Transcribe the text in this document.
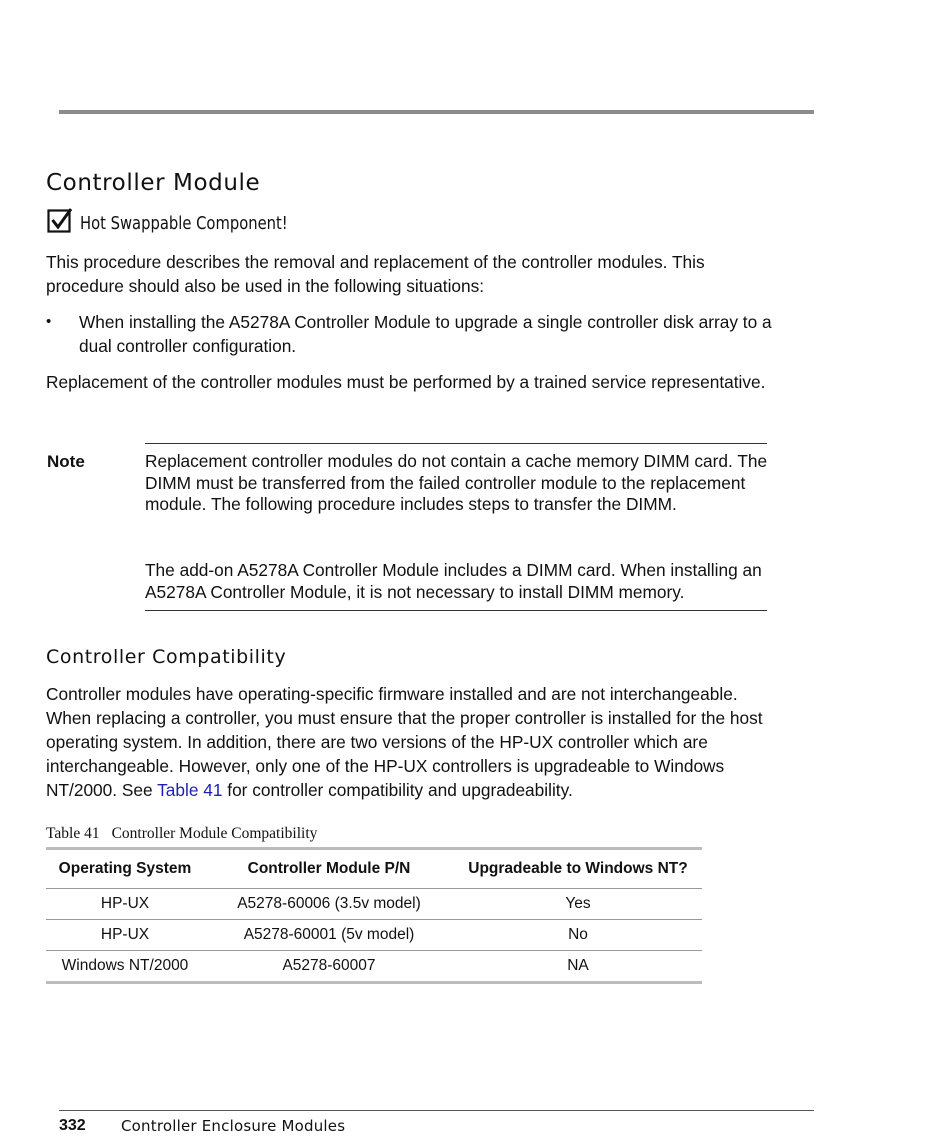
Controller Module
Hot Swappable Component!

This procedure describes the removal and replacement of the controller modules. This procedure should also be used in the following situations:

• When installing the A5278A Controller Module to upgrade a single controller disk array to a dual controller configuration.

Replacement of the controller modules must be performed by a trained service representative.

Note	Replacement controller modules do not contain a cache memory DIMM card. The DIMM must be transferred from the failed controller module to the replacement module. The following procedure includes steps to transfer the DIMM.

The add-on A5278A Controller Module includes a DIMM card. When installing an A5278A Controller Module, it is not necessary to install DIMM memory.

Controller Compatibility

Controller modules have operating-specific firmware installed and are not interchangeable. When replacing a controller, you must ensure that the proper controller is installed for the host operating system. In addition, there are two versions of the HP-UX controller which are interchangeable. However, only one of the HP-UX controllers is upgradeable to Windows NT/2000. See Table 41 for controller compatibility and upgradeability.

Table 41 Controller Module Compatibility

Operating System	Controller Module P/N	Upgradeable to Windows NT?
HP-UX	A5278-60006 (3.5v model)	Yes
HP-UX	A5278-60001 (5v model)	No
Windows NT/2000	A5278-60007	NA
332 Controller Enclosure Modules
